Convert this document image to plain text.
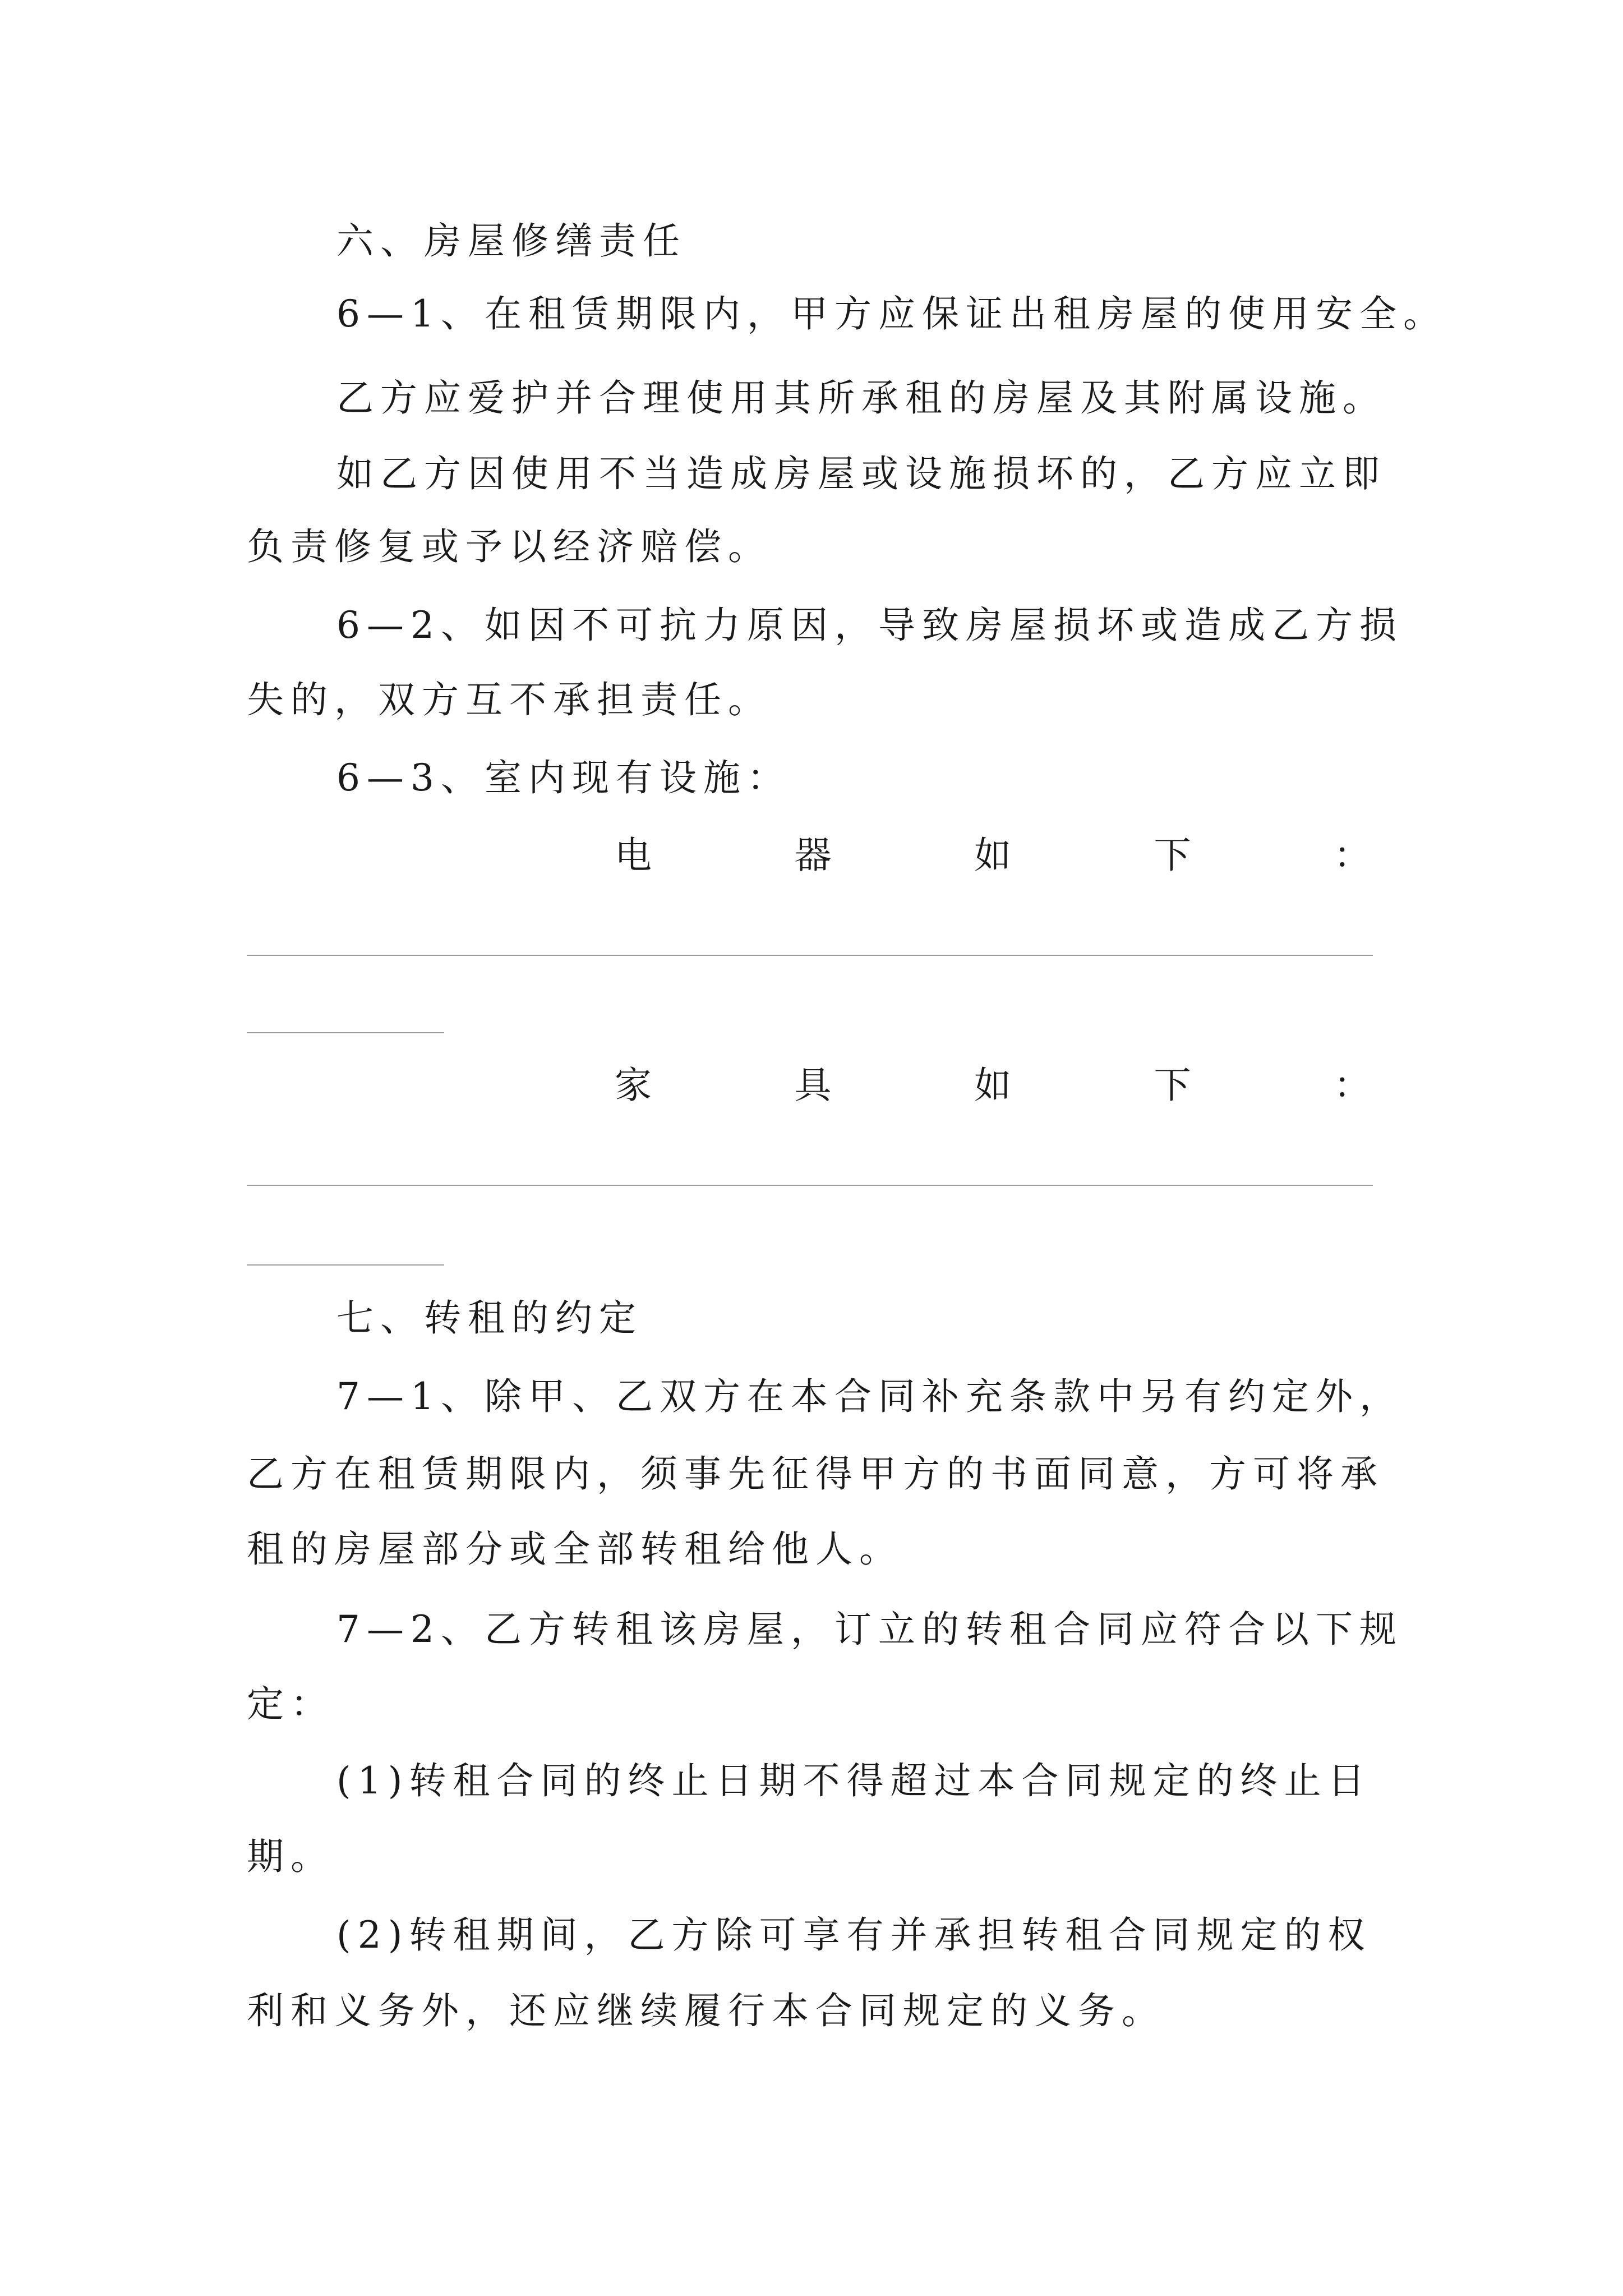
六、房屋修缮责任
6—1、在租赁期限内，甲方应保证出租房屋的使用安全。
乙方应爱护并合理使用其所承租的房屋及其附属设施。
如乙方因使用不当造成房屋或设施损坏的，乙方应立即
负责修复或予以经济赔偿。
6—2、如因不可抗力原因，导致房屋损坏或造成乙方损
失的，双方互不承担责任。
6—3、室内现有设施：
电	器	如	下	：
家	具	如	下	：
七、转租的约定
7—1、除甲、乙双方在本合同补充条款中另有约定外，
乙方在租赁期限内，须事先征得甲方的书面同意，方可将承
租的房屋部分或全部转租给他人。
7—2、乙方转租该房屋，订立的转租合同应符合以下规
定：
(1)转租合同的终止日期不得超过本合同规定的终止日
期。
(2)转租期间，乙方除可享有并承担转租合同规定的权
利和义务外，还应继续履行本合同规定的义务。
